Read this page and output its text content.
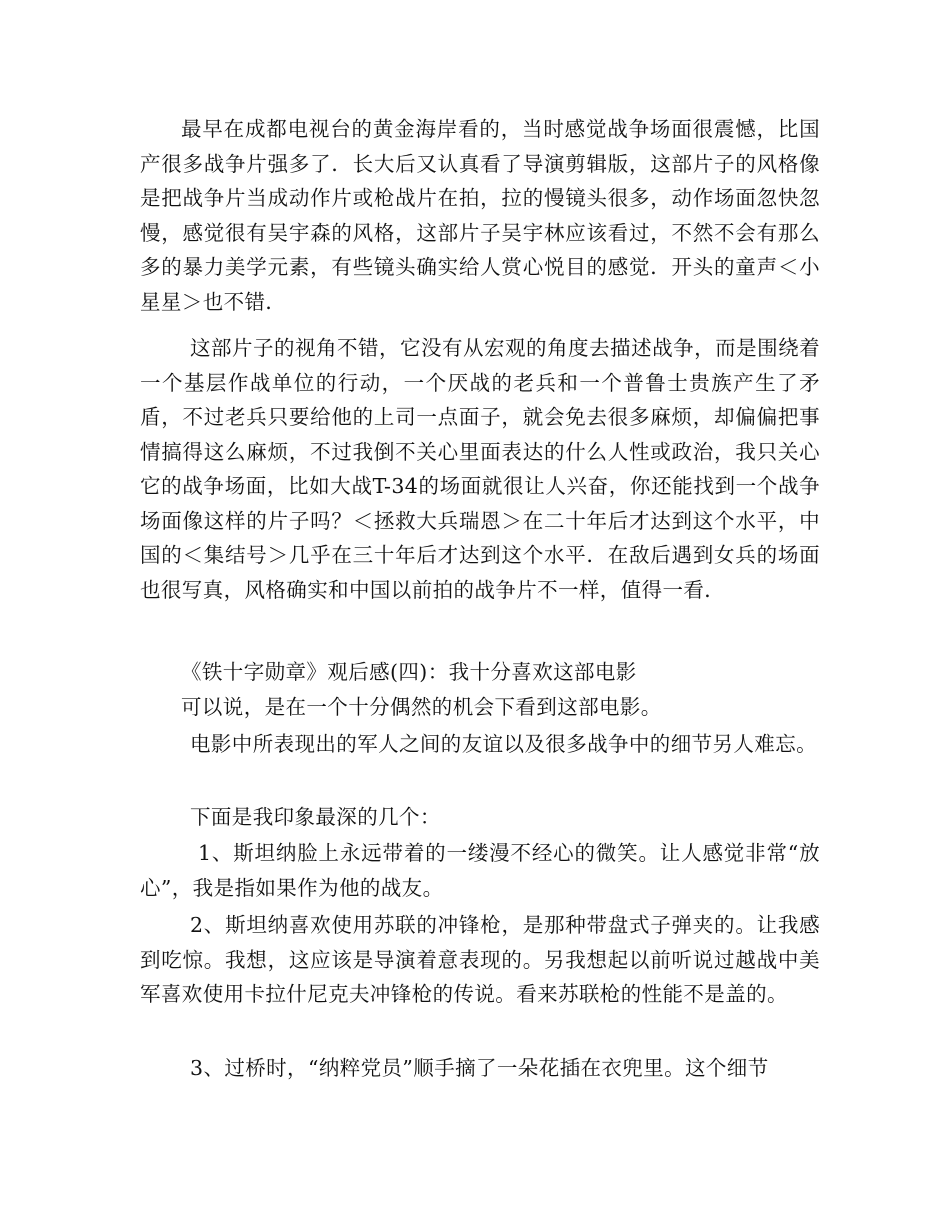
最早在成都电视台的黄金海岸看的，当时感觉战争场面很震憾，比国产很多战争片强多了．长大后又认真看了导演剪辑版，这部片子的风格像是把战争片当成动作片或枪战片在拍，拉的慢镜头很多，动作场面忽快忽慢，感觉很有吴宇森的风格，这部片子吴宇林应该看过，不然不会有那么多的暴力美学元素，有些镜头确实给人赏心悦目的感觉．开头的童声＜小星星＞也不错．

这部片子的视角不错，它没有从宏观的角度去描述战争，而是围绕着一个基层作战单位的行动，一个厌战的老兵和一个普鲁士贵族产生了矛盾，不过老兵只要给他的上司一点面子，就会免去很多麻烦，却偏偏把事情搞得这么麻烦，不过我倒不关心里面表达的什么人性或政治，我只关心它的战争场面，比如大战T-34的场面就很让人兴奋，你还能找到一个战争场面像这样的片子吗？＜拯救大兵瑞恩＞在二十年后才达到这个水平，中国的＜集结号＞几乎在三十年后才达到这个水平．在敌后遇到女兵的场面也很写真，风格确实和中国以前拍的战争片不一样，值得一看．

《铁十字勋章》观后感(四)：我十分喜欢这部电影

可以说，是在一个十分偶然的机会下看到这部电影。

电影中所表现出的军人之间的友谊以及很多战争中的细节另人难忘。

下面是我印象最深的几个：

1、斯坦纳脸上永远带着的一缕漫不经心的微笑。让人感觉非常“放心”，我是指如果作为他的战友。

2、斯坦纳喜欢使用苏联的冲锋枪，是那种带盘式子弹夹的。让我感到吃惊。我想，这应该是导演着意表现的。另我想起以前听说过越战中美军喜欢使用卡拉什尼克夫冲锋枪的传说。看来苏联枪的性能不是盖的。

3、过桥时，“纳粹党员”顺手摘了一朵花插在衣兜里。这个细节
